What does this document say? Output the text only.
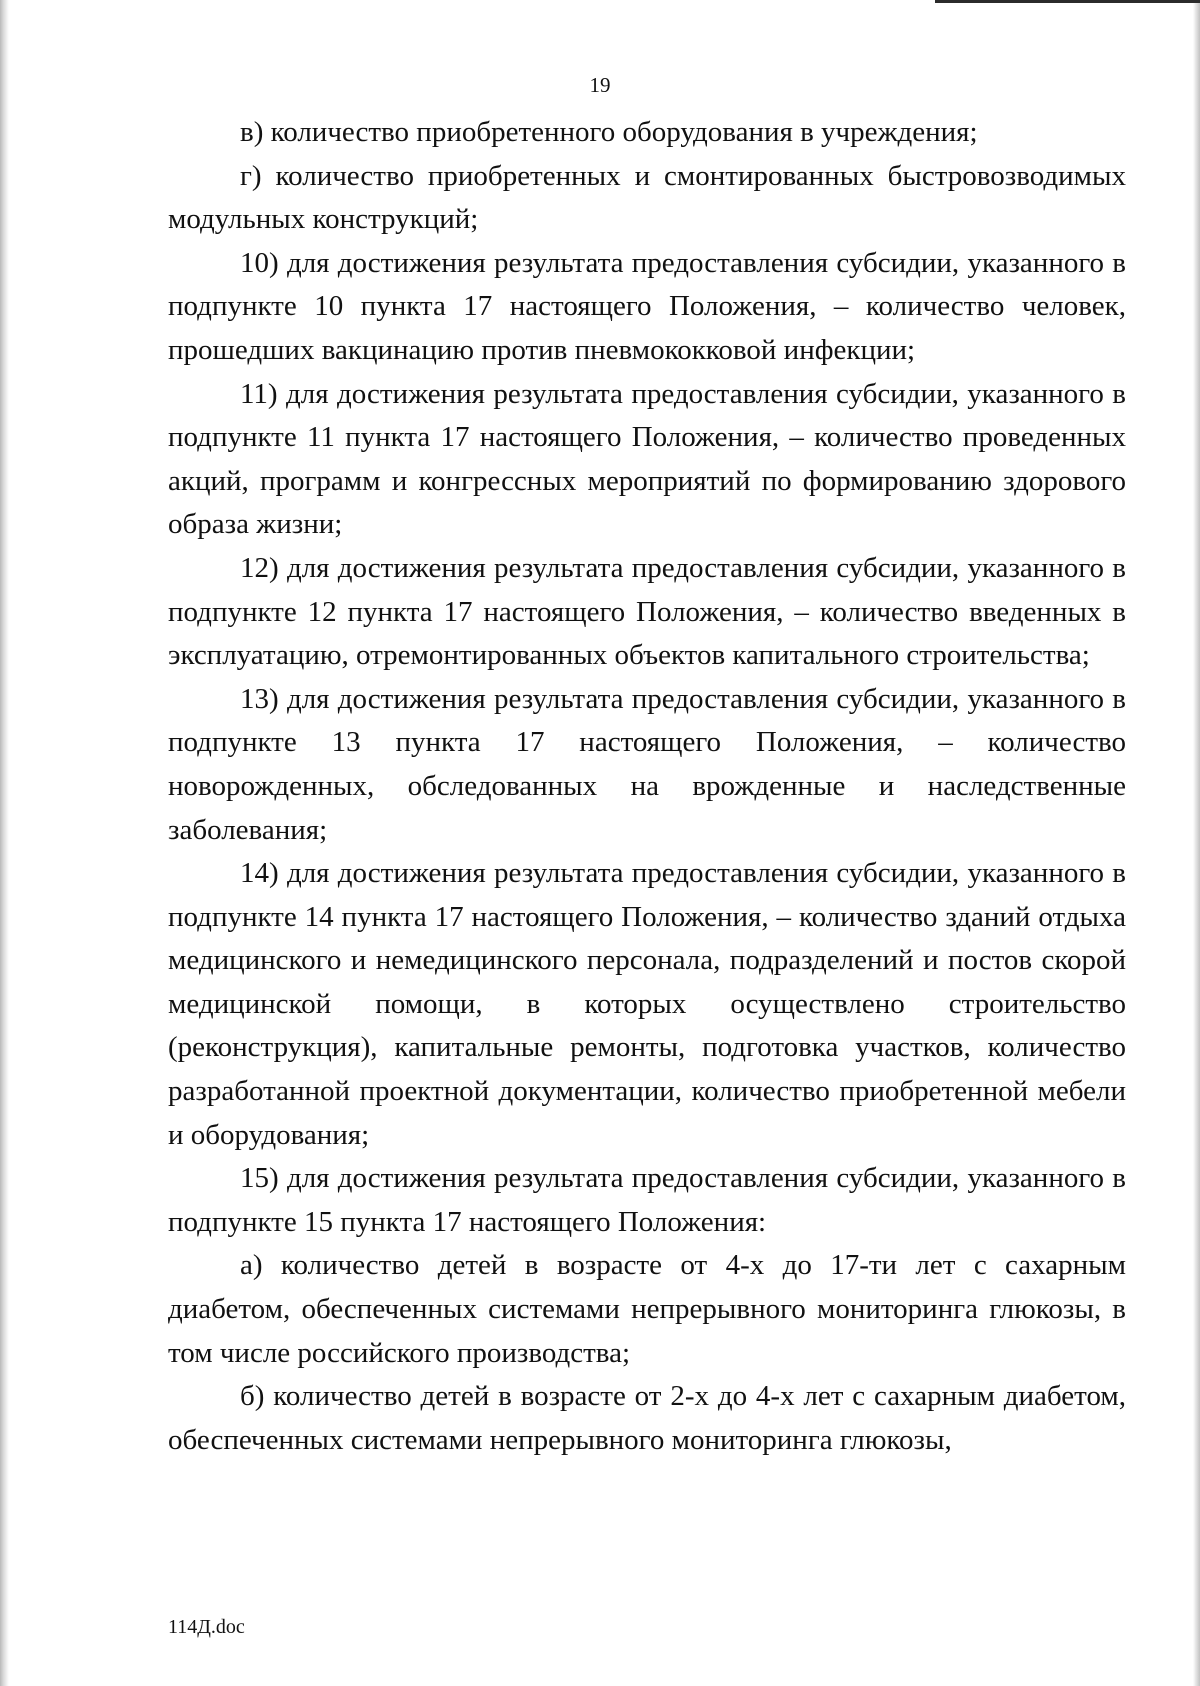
19

в) количество приобретенного оборудования в учреждения;

г) количество приобретенных и смонтированных быстровозводимых модульных конструкций;

10) для достижения результата предоставления субсидии, указанного в подпункте 10 пункта 17 настоящего Положения, – количество человек, прошедших вакцинацию против пневмококковой инфекции;

11) для достижения результата предоставления субсидии, указанного в подпункте 11 пункта 17 настоящего Положения, – количество проведенных акций, программ и конгрессных мероприятий по формированию здорового образа жизни;

12) для достижения результата предоставления субсидии, указанного в подпункте 12 пункта 17 настоящего Положения, – количество введенных в эксплуатацию, отремонтированных объектов капитального строительства;

13) для достижения результата предоставления субсидии, указанного в подпункте 13 пункта 17 настоящего Положения, – количество новорожденных, обследованных на врожденные и наследственные заболевания;

14) для достижения результата предоставления субсидии, указанного в подпункте 14 пункта 17 настоящего Положения, – количество зданий отдыха медицинского и немедицинского персонала, подразделений и постов скорой медицинской помощи, в которых осуществлено строительство (реконструкция), капитальные ремонты, подготовка участков, количество разработанной проектной документации, количество приобретенной мебели и оборудования;

15) для достижения результата предоставления субсидии, указанного в подпункте 15 пункта 17 настоящего Положения:

а) количество детей в возрасте от 4-х до 17-ти лет с сахарным диабетом, обеспеченных системами непрерывного мониторинга глюкозы, в том числе российского производства;

б) количество детей в возрасте от 2-х до 4-х лет с сахарным диабетом, обеспеченных системами непрерывного мониторинга глюкозы,

114Д.doc
